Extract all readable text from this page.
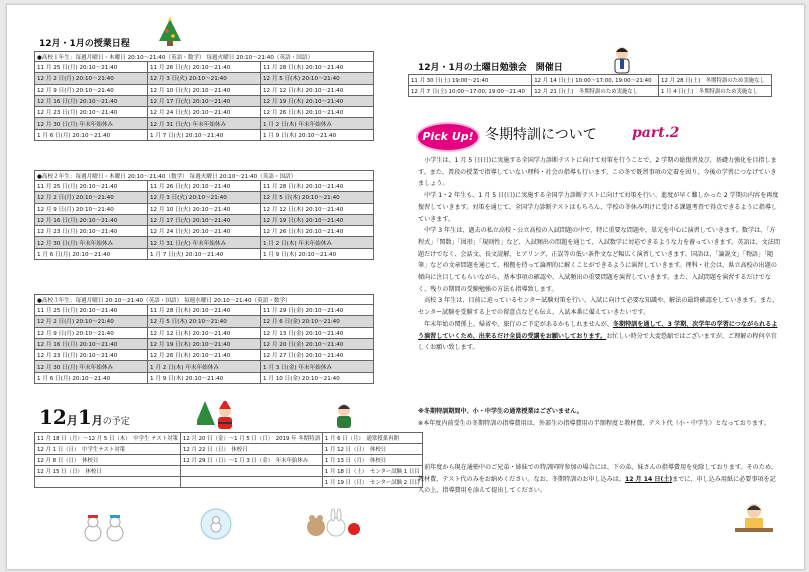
12月・1月の授業日程
●高校１年生：毎週月曜日・木曜日 20:10〜21:40（英語・数学） 毎週火曜日 20:10〜21:40（英語・国語）		
11 月 25 日(月) 20:10〜21:40	11 月 26 日(火) 20:10〜21:40	11 月 28 日(木) 20:10〜21:40
12 月 2 日(月) 20:10〜21:40	12 月 3 日(火) 20:10〜21:40	12 月 5 日(木) 20:10〜21:40
12 月 9 日(月) 20:10〜21:40	12 月 10 日(火) 20:10〜21:40	12 月 12 日(木) 20:10〜21:40
12 月 16 日(月) 20:10〜21:40	12 月 17 日(火) 20:10〜21:40	12 月 19 日(木) 20:10〜21:40
12 月 23 日(月) 20:10〜21:40	12 月 24 日(火) 20:10〜21:40	12 月 26 日(木) 20:10〜21:40
12 月 30 日(月) 年末年始休み	12 月 31 日(火) 年末年始休み	1 月 2 日(木) 年末年始休み
1 月 6 日(月) 20:10〜21:40	1 月 7 日(火) 20:10〜21:40	1 月 9 日(木) 20:10〜21:40
●高校２年生：毎週月曜日・木曜日 20:10〜21:40（数学） 毎週火曜日 20:10〜21:40（英語・国語）		
11 月 25 日(月) 20:10〜21:40	11 月 26 日(火) 20:10〜21:40	11 月 28 日(木) 20:10〜21:40
12 月 2 日(月) 20:10〜21:40	12 月 3 日(火) 20:10〜21:40	12 月 5 日(木) 20:10〜21:40
12 月 9 日(月) 20:10〜21:40	12 月 10 日(火) 20:10〜21:40	12 月 12 日(木) 20:10〜21:40
12 月 16 日(月) 20:10〜21:40	12 月 17 日(火) 20:10〜21:40	12 月 19 日(木) 20:10〜21:40
12 月 23 日(月) 20:10〜21:40	12 月 24 日(火) 20:10〜21:40	12 月 26 日(木) 20:10〜21:40
12 月 30 日(月) 年末年始休み	12 月 31 日(火) 年末年始休み	1 月 2 日(木) 年末年始休み
1 月 6 日(月) 20:10〜21:40	1 月 7 日(火) 20:10〜21:40	1 月 9 日(木) 20:10〜21:40
●高校３年生：毎週月曜日 20:10〜21:40（英語・国語） 毎週水曜日 20:10〜21:40（英語・数学）		
11 月 25 日(月) 20:10〜21:40	11 月 28 日(木) 20:10〜21:40	11 月 29 日(金) 20:10〜21:40
12 月 2 日(月) 20:10〜21:40	12 月 5 日(木) 20:10〜21:40	12 月 6 日(金) 20:10〜21:40
12 月 9 日(月) 20:10〜21:40	12 月 12 日(木) 20:10〜21:40	12 月 13 日(金) 20:10〜21:40
12 月 16 日(月) 20:10〜21:40	12 月 19 日(木) 20:10〜21:40	12 月 20 日(金) 20:10〜21:40
12 月 23 日(月) 20:10〜21:40	12 月 26 日(木) 20:10〜21:40	12 月 27 日(金) 20:10〜21:40
12 月 30 日(月) 年末年始休み	1 月 2 日(木) 年末年始休み	1 月 3 日(金) 年末年始休み
1 月 6 日(月) 20:10〜21:40	1 月 9 日(木) 20:10〜21:40	1 月 10 日(金) 20:10〜21:40
12月1月の予定
11 月 18 日（月）〜12 月 5 日（木）　中学生 テスト対策	12 月 20 日（金）〜1 月 5 日（日）　2019 年 冬期特訓	1 月 6 日（月）　通常授業再開
12 月 1 日（日）　中学生テスト対策	12 月 22 日（日）　休校日	1 月 12 日（日）　休校日
12 月 8 日（日）　休校日	12 月 29 日（日）〜1 月 3 日（金）　年末年始休み	1 月 13 日（月）　休校日
12 月 15 日（日）　休校日		1 月 18 日（土）　センター試験 1 日目
		1 月 19 日（日）　センター試験 2 日目
12月・1月の土曜日勉強会　開催日
11 月 30 日(土) 19:00〜21:40	12 月 14 日(土) 10:00〜17:00, 19:00〜21:40	12 月 28 日(土)　冬期特訓のため実施なし
12 月 7 日(土) 10:00〜17:00, 19:00〜21:40	12 月 21 日(土)　冬期特訓のため実施なし	1 月 4 日(土)　冬期特訓のため実施なし
Pick Up! 冬期特訓について	part.2

小学生は、1 月 5 日(日)に実施する全国学力診断テストに向けて対策を行うことで、2 学期の総復習及び、基礎力強化を目指します。また、普段の授業で指導していない理科・社会の指導も行います。この冬で既習事項の定着を図り、今後の学習につなげていきましょう。

中学 1・2 年生も、1 月 5 日(日)に実施する全国学力診断テストに向けて対策を行い、進度が早く難しかった 2 学期の内容を再度復習していきます。対策を通じて、全国学力診断テストはもちろん、学校の冬休み明けに受ける課題考査で得点できるように指導していきます。

中学 3 年生は、過去の私立高校・公立高校の入試問題の中で、特に重要な問題や、単元を中心に演習していきます。数学は、「方程式」「関数」「図形」「規則性」など、入試頻出の問題を通じて、入試数学に対応できるような力を養っていきます。英語は、文法問題だけでなく、会話文、長文読解、ヒアリング、正誤等の低い条件文など幅広く演習していきます。国語は、「論説文」「物語」「随筆」などの文章問題を通じて、根拠を持って論理的に解くことができるように演習していきます。理科・社会は、県立高校の出題の傾向に注目してもらいながら、基本事項の確認や、入試頻出の重要問題を演習していきます。また、入試問題を演習するだけでなく、残りの期間の受験勉強の方法も指導致します。

高校 3 年生は、目前に迫っているセンター試験対策を行い、入試に向けて必要な知識や、解法の最終確認をしていきます。また、センター試験を受験する上での留意点なども伝え、入試本番に備えていきたいです。

年末年始の関係上、帰省や、旅行のご予定があるかもしれませんが、冬期特訓を通して、3 学期、次学年の学習につながられるよう演習していくため、出来るだけ全員の受講をお願いしております。お忙しい時分で大変恐縮ではございますが、ご理解の程何卒宜しくお願い致します。

※冬期特訓期間中、小・中学生の通常授業はございません。
※本年度内前受生の冬期特訓の指導費用は、外部生の指導費用の半額程度と教材費、テスト代（小・中学生）となっております。

前年度から現在通塾中のご兄弟・姉妹での特訓同時参加の場合には、下の弟、妹さんの指導費用を免除しております。そのため、教材費、テスト代のみをお納めください。なお、冬期特訓のお申し込みは、12 月 14 日(土)までに、申し込み用紙に必要事項を記入の上、指導費用を添えて提出してください。
